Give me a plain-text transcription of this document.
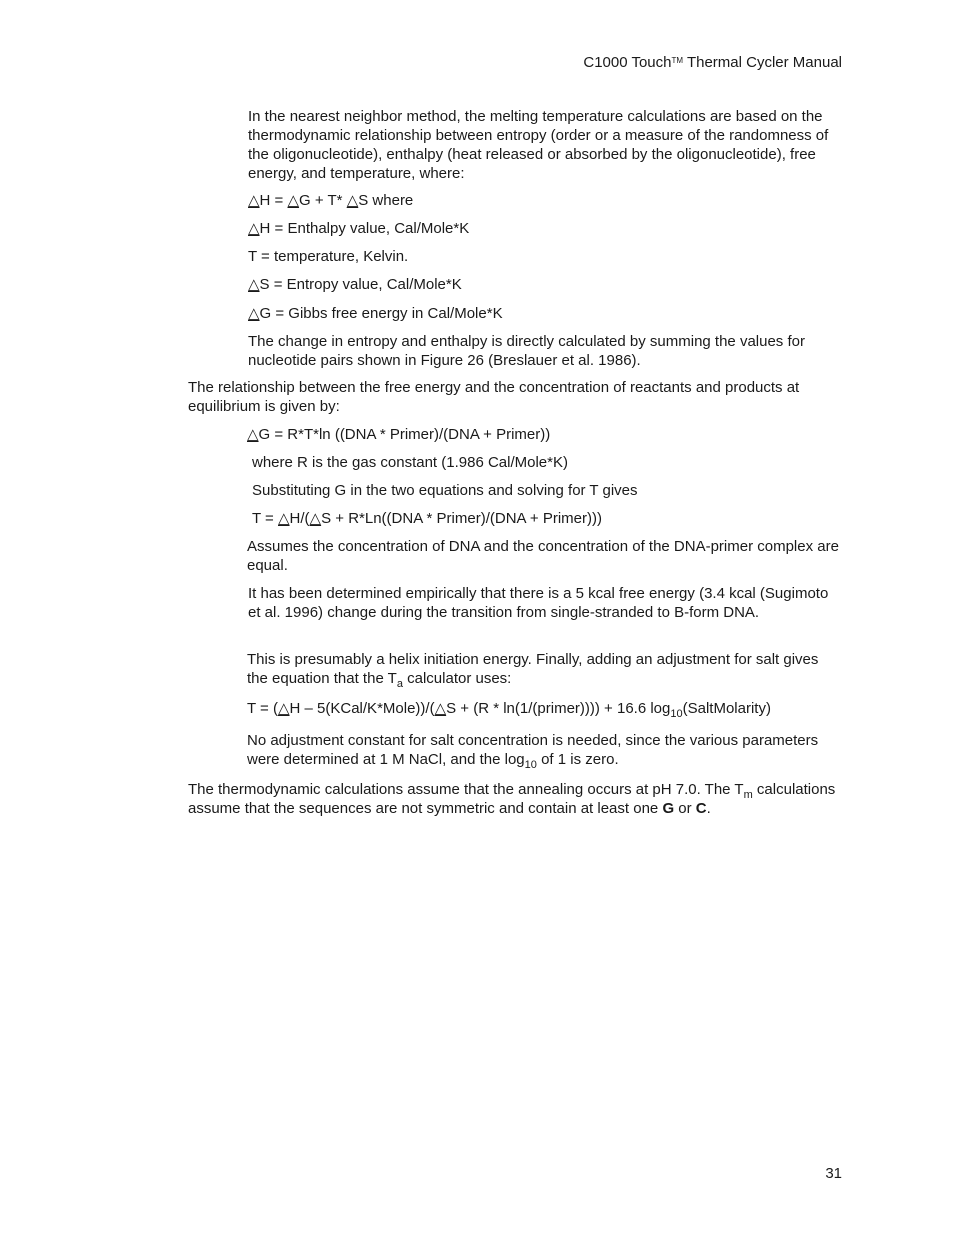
C1000 Touch™ Thermal Cycler Manual

In the nearest neighbor method, the melting temperature calculations are based on the thermodynamic relationship between entropy (order or a measure of the randomness of the oligonucleotide), enthalpy (heat released or absorbed by the oligonucleotide), free energy, and temperature, where:

△H = △G + T* △S where

△H = Enthalpy value, Cal/Mole*K

T = temperature, Kelvin.

△S = Entropy value, Cal/Mole*K

△G = Gibbs free energy in Cal/Mole*K

The change in entropy and enthalpy is directly calculated by summing the values for nucleotide pairs shown in Figure 26 (Breslauer et al. 1986).

The relationship between the free energy and the concentration of reactants and products at equilibrium is given by:

△G = R*T*ln ((DNA * Primer)/(DNA + Primer))

where R is the gas constant (1.986 Cal/Mole*K)

Substituting G in the two equations and solving for T gives

T = △H/(△S + R*Ln((DNA * Primer)/(DNA + Primer)))

Assumes the concentration of DNA and the concentration of the DNA-primer complex are equal.

It has been determined empirically that there is a 5 kcal free energy (3.4 kcal (Sugimoto et al. 1996) change during the transition from single-stranded to B-form DNA.

This is presumably a helix initiation energy. Finally, adding an adjustment for salt gives the equation that the $T_a$ calculator uses:

T = (△H – 5(KCal/K*Mole))/(△S + (R * ln(1/(primer)))) + 16.6 $\log_{10}(SaltMolarity)$

No adjustment constant for salt concentration is needed, since the various parameters were determined at 1 M NaCl, and the $\log_{10}$ of 1 is zero.

The thermodynamic calculations assume that the annealing occurs at pH 7.0. The $T_m$ calculations assume that the sequences are not symmetric and contain at least one G or C.

31
